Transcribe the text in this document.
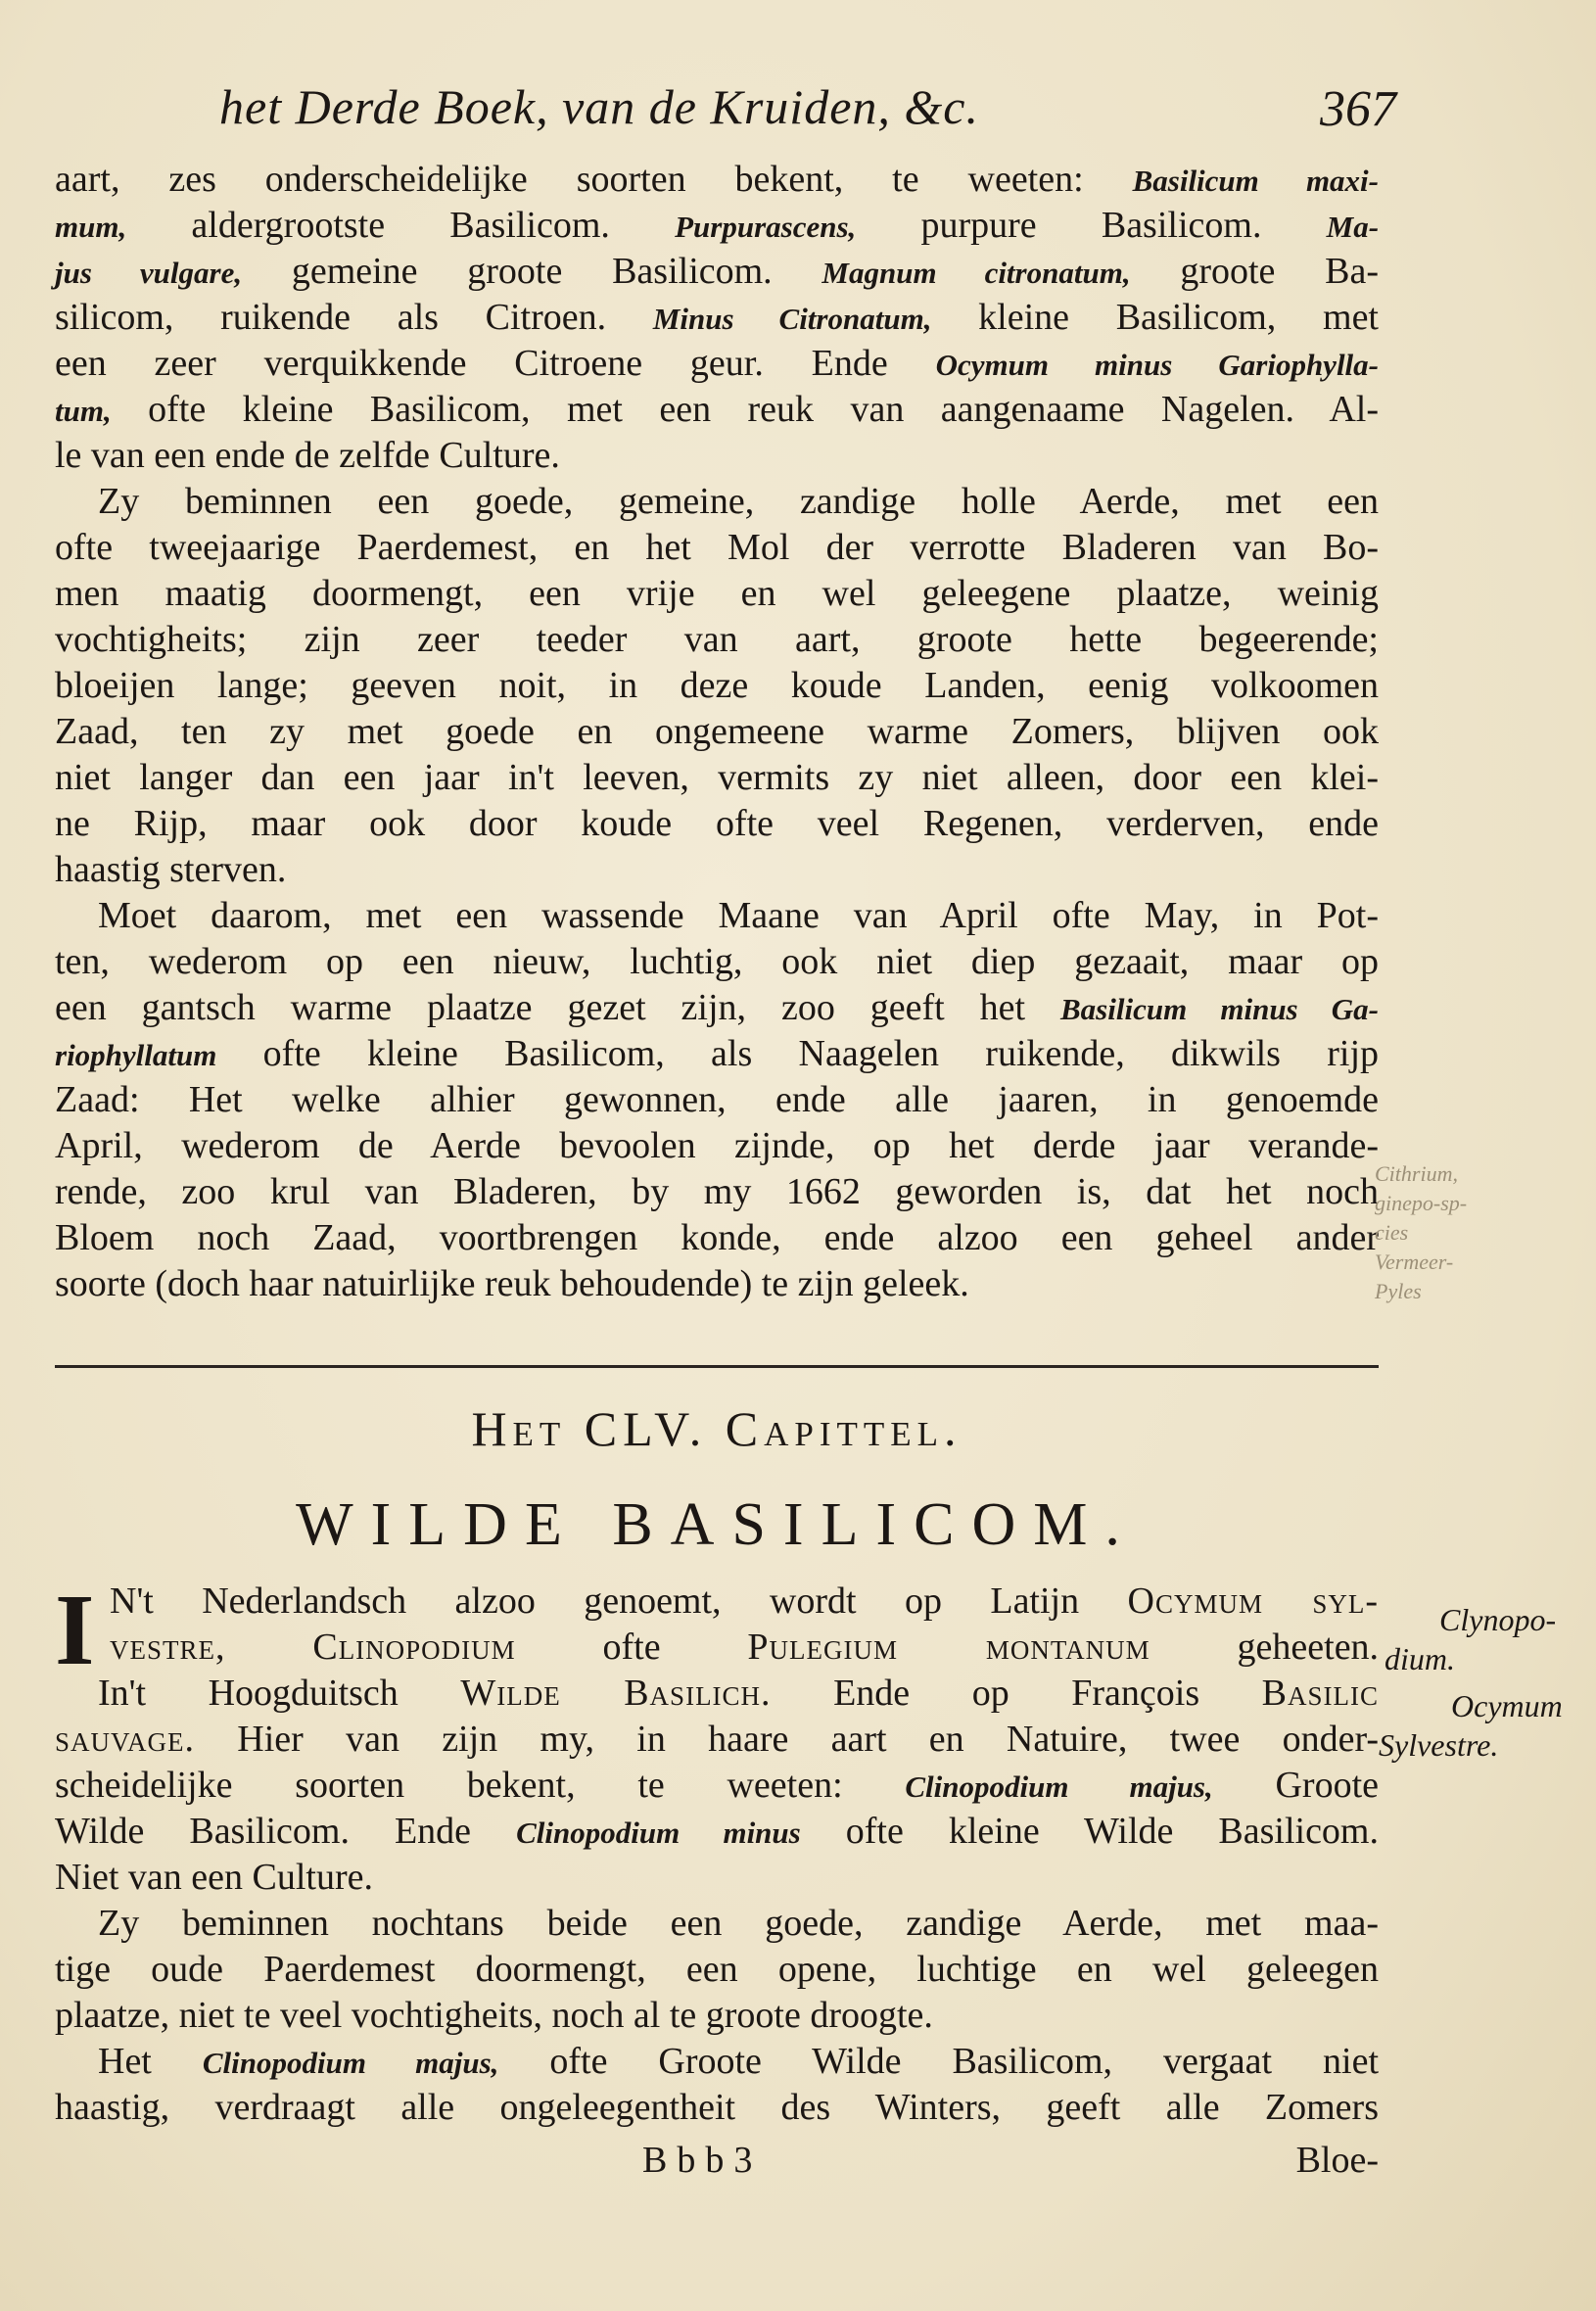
het Derde Boek, van de Kruiden, &c.	367
aart, zes onderscheidelijke soorten bekent, te weeten: Basilicum maxi-
mum, aldergrootste Basilicom. Purpurascens, purpure Basilicom. Ma-
jus vulgare, gemeine groote Basilicom. Magnum citronatum, groote Ba-
silicom, ruikende als Citroen. Minus Citronatum, kleine Basilicom, met
een zeer verquikkende Citroene geur. Ende Ocymum minus Gariophylla-
tum, ofte kleine Basilicom, met een reuk van aangenaame Nagelen. Al-
le van een ende de zelfde Culture.
Zy beminnen een goede, gemeine, zandige holle Aerde, met een
ofte tweejaarige Paerdemest, en het Mol der verrotte Bladeren van Bo-
men maatig doormengt, een vrije en wel geleegene plaatze, weinig
vochtigheits; zijn zeer teeder van aart, groote hette begeerende;
bloeijen lange; geeven noit, in deze koude Landen, eenig volkoomen
Zaad, ten zy met goede en ongemeene warme Zomers, blijven ook
niet langer dan een jaar in't leeven, vermits zy niet alleen, door een klei-
ne Rijp, maar ook door koude ofte veel Regenen, verderven, ende
haastig sterven.
Moet daarom, met een wassende Maane van April ofte May, in Pot-
ten, wederom op een nieuw, luchtig, ook niet diep gezaait, maar op
een gantsch warme plaatze gezet zijn, zoo geeft het Basilicum minus Ga-
riophyllatum ofte kleine Basilicom, als Naagelen ruikende, dikwils rijp
Zaad: Het welke alhier gewonnen, ende alle jaaren, in genoemde
April, wederom de Aerde bevoolen zijnde, op het derde jaar verande-
rende, zoo krul van Bladeren, by my 1662 geworden is, dat het noch
Bloem noch Zaad, voortbrengen konde, ende alzoo een geheel ander
soorte (doch haar natuirlijke reuk behoudende) te zijn geleek.
Het CLV. Capittel.
WILDE BASILICOM.
I N't Nederlandsch alzoo genoemt, wordt op Latijn Ocymum syl-
vestre, Clinopodium ofte Pulegium montanum geheeten.
In't Hoogduitsch Wilde Basilich. Ende op François Basilic
sauvage. Hier van zijn my, in haare aart en Natuire, twee onder-
scheidelijke soorten bekent, te weeten: Clinopodium majus, Groote
Wilde Basilicom. Ende Clinopodium minus ofte kleine Wilde Basilicom.
Niet van een Culture.
Zy beminnen nochtans beide een goede, zandige Aerde, met maa-
tige oude Paerdemest doormengt, een opene, luchtige en wel geleegen
plaatze, niet te veel vochtigheits, noch al te groote droogte.
Het Clinopodium majus, ofte Groote Wilde Basilicom, vergaat niet
haastig, verdraagt alle ongeleegentheit des Winters, geeft alle Zomers
Bbb3	Bloe-
Cithrium,
ginepo-sp-
cies
Vermeer-
Pyles
Clynopo-
dium.
Ocymum
Sylvestre.
